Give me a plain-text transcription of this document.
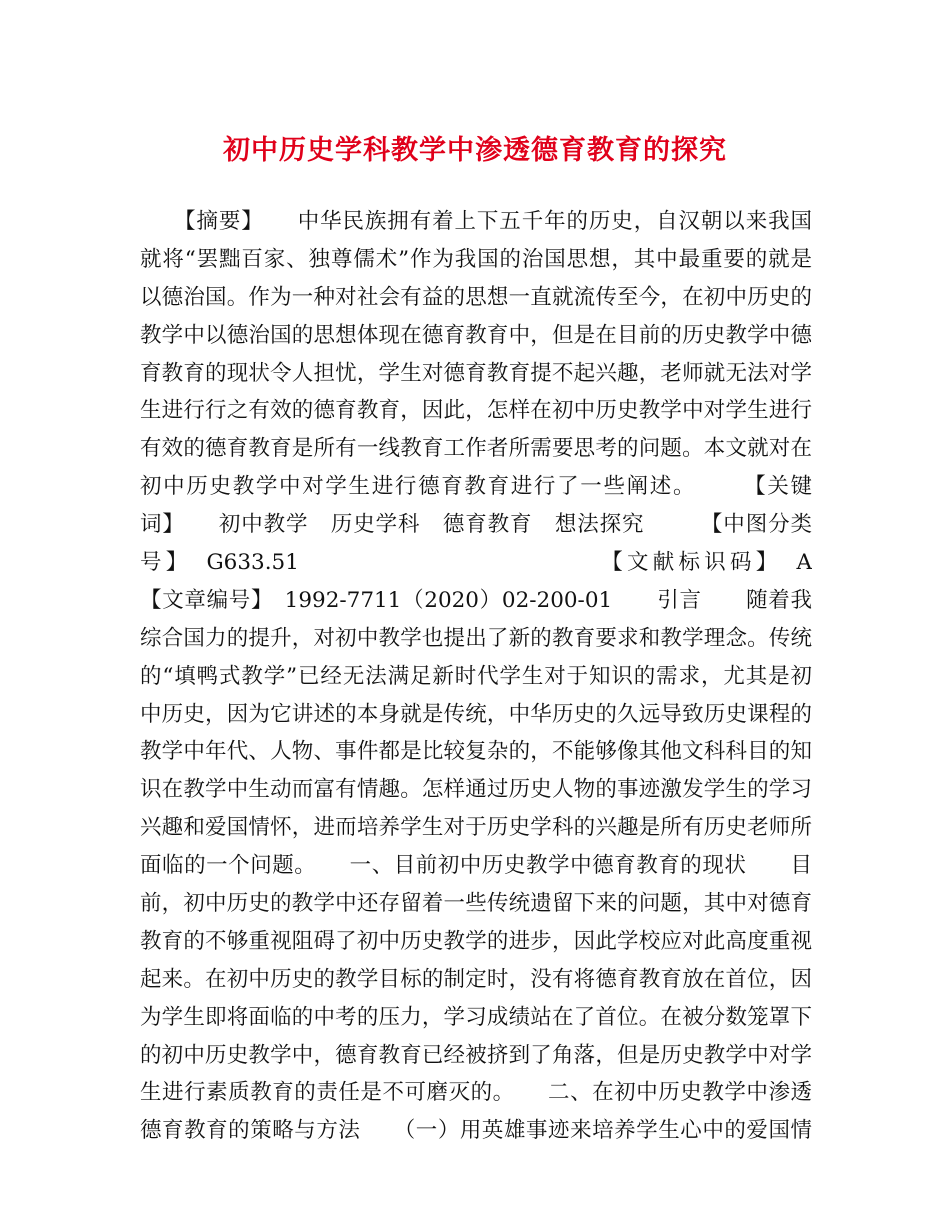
初中历史学科教学中渗透德育教育的探究
　　【摘要】　　中华民族拥有着上下五千年的历史，自汉朝以来我国
就将“罢黜百家、独尊儒术”作为我国的治国思想，其中最重要的就是
以德治国。作为一种对社会有益的思想一直就流传至今，在初中历史的
教学中以德治国的思想体现在德育教育中，但是在目前的历史教学中德
育教育的现状令人担忧，学生对德育教育提不起兴趣，老师就无法对学
生进行行之有效的德育教育，因此，怎样在初中历史教学中对学生进行
有效的德育教育是所有一线教育工作者所需要思考的问题。本文就对在
初中历史教学中对学生进行德育教育进行了一些阐述。　　　【关键
词】　　初中教学　历史学科　德育教育　想法探究　　　【中图分类
号】　G633.51　　　　　　　　　　　　【文献标识码】　A
【文章编号】　1992-7711（2020）02-200-01　　引言　　随着我
综合国力的提升，对初中教学也提出了新的教育要求和教学理念。传统
的“填鸭式教学”已经无法满足新时代学生对于知识的需求，尤其是初
中历史，因为它讲述的本身就是传统，中华历史的久远导致历史课程的
教学中年代、人物、事件都是比较复杂的，不能够像其他文科科目的知
识在教学中生动而富有情趣。怎样通过历史人物的事迹激发学生的学习
兴趣和爱国情怀，进而培养学生对于历史学科的兴趣是所有历史老师所
面临的一个问题。　　一、目前初中历史教学中德育教育的现状　　目
前，初中历史的教学中还存留着一些传统遗留下来的问题，其中对德育
教育的不够重视阻碍了初中历史教学的进步，因此学校应对此高度重视
起来。在初中历史的教学目标的制定时，没有将德育教育放在首位，因
为学生即将面临的中考的压力，学习成绩站在了首位。在被分数笼罩下
的初中历史教学中，德育教育已经被挤到了角落，但是历史教学中对学
生进行素质教育的责任是不可磨灭的。　　二、在初中历史教学中渗透
德育教育的策略与方法　　（一）用英雄事迹来培养学生心中的爱国情
